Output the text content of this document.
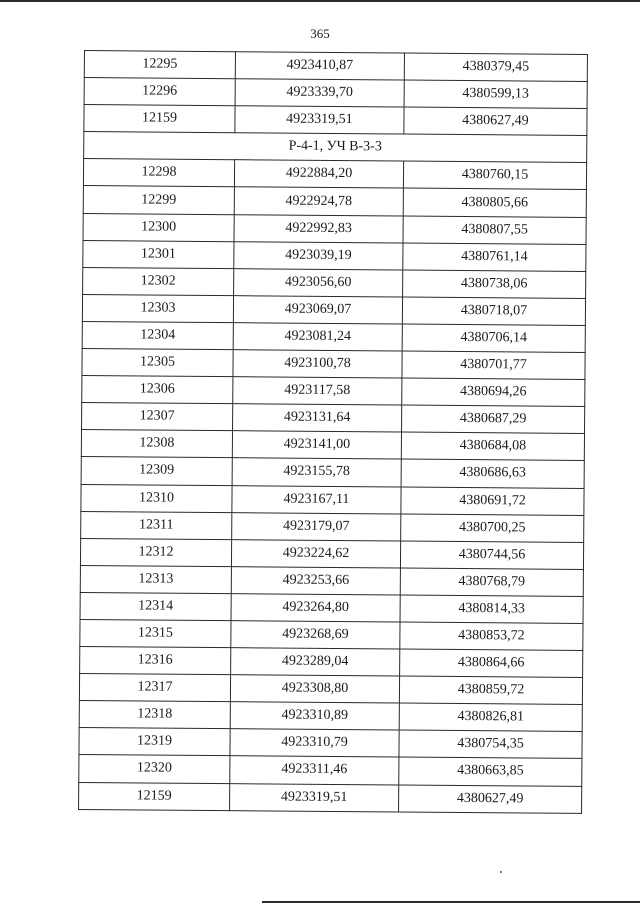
365
12295	4923410,87	4380379,45
12296	4923339,70	4380599,13
12159	4923319,51	4380627,49
Р-4-1, УЧ В-3-3		
12298	4922884,20	4380760,15
12299	4922924,78	4380805,66
12300	4922992,83	4380807,55
12301	4923039,19	4380761,14
12302	4923056,60	4380738,06
12303	4923069,07	4380718,07
12304	4923081,24	4380706,14
12305	4923100,78	4380701,77
12306	4923117,58	4380694,26
12307	4923131,64	4380687,29
12308	4923141,00	4380684,08
12309	4923155,78	4380686,63
12310	4923167,11	4380691,72
12311	4923179,07	4380700,25
12312	4923224,62	4380744,56
12313	4923253,66	4380768,79
12314	4923264,80	4380814,33
12315	4923268,69	4380853,72
12316	4923289,04	4380864,66
12317	4923308,80	4380859,72
12318	4923310,89	4380826,81
12319	4923310,79	4380754,35
12320	4923311,46	4380663,85
12159	4923319,51	4380627,49
